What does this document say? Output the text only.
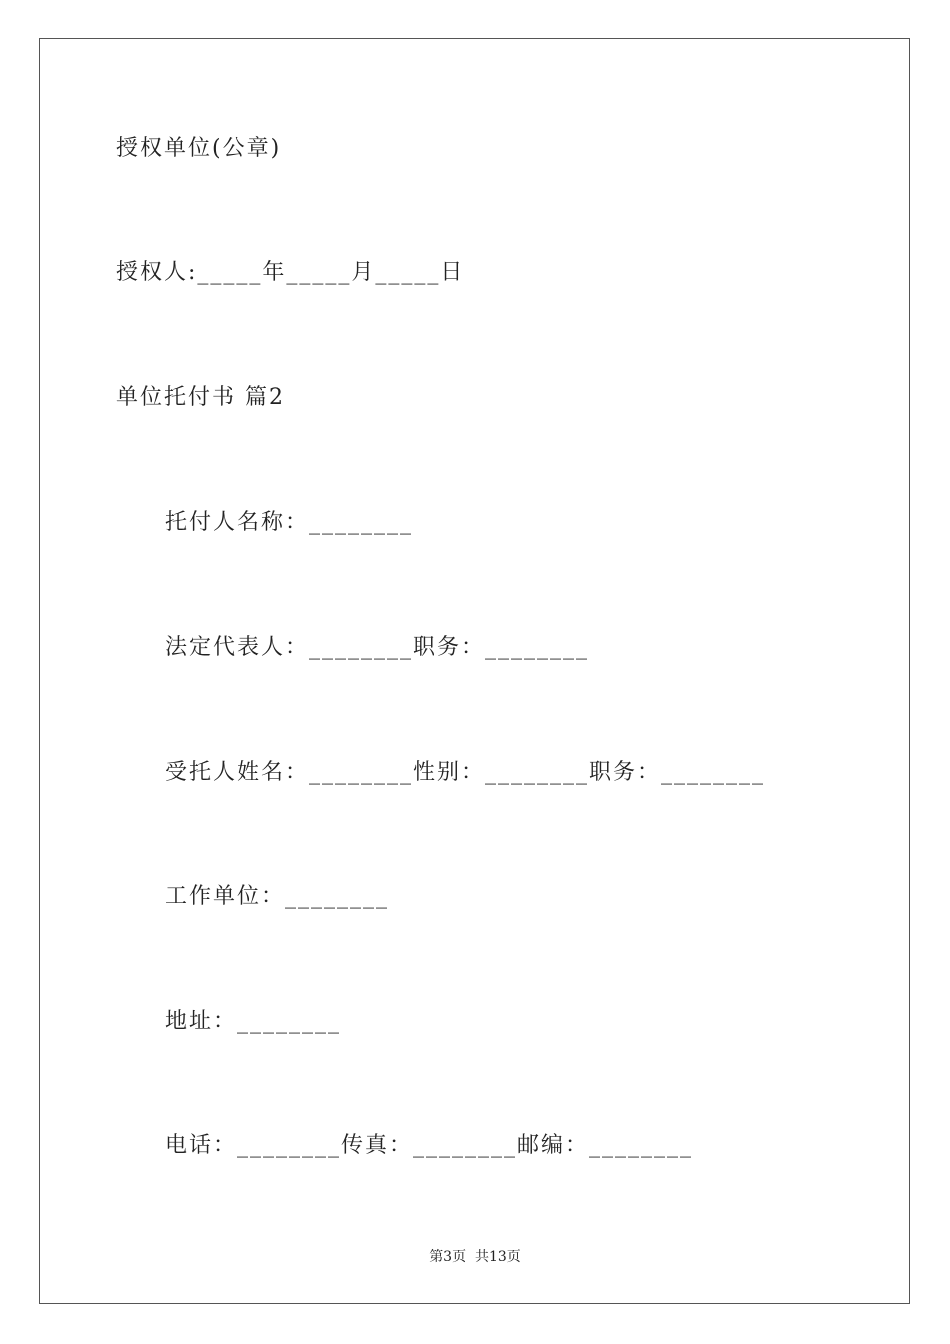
授权单位(公章)
授权人:_____年_____月_____日
单位托付书 篇2
托付人名称：________
法定代表人：________职务：________
受托人姓名：________性别：________职务：________
工作单位：________
地址：________
电话：________传真：________邮编：________
第3页  共13页
